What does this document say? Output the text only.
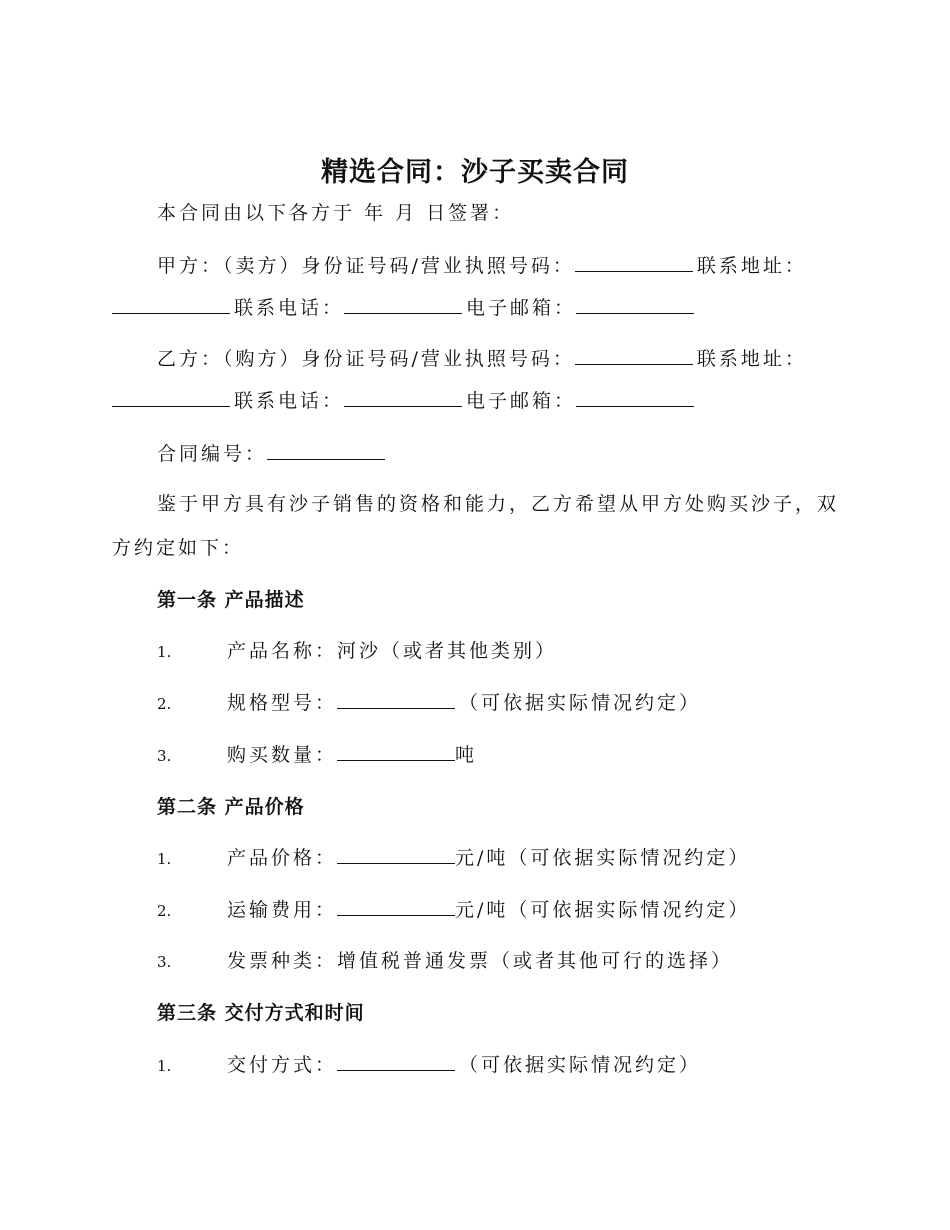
精选合同：沙子买卖合同
本合同由以下各方于 年 月 日签署：
甲方：（卖方）身份证号码/营业执照号码：	联系地址：
联系电话：	电子邮箱：
乙方：（购方）身份证号码/营业执照号码：	联系地址：
联系电话：	电子邮箱：
合同编号：
鉴于甲方具有沙子销售的资格和能力，乙方希望从甲方处购买沙子，双
方约定如下：
第一条 产品描述
1.	产品名称：河沙（或者其他类别）
2.	规格型号：	（可依据实际情况约定）
3.	购买数量：	吨
第二条 产品价格
1.	产品价格：	元/吨（可依据实际情况约定）
2.	运输费用：	元/吨（可依据实际情况约定）
3.	发票种类：增值税普通发票（或者其他可行的选择）
第三条 交付方式和时间
1.	交付方式：	（可依据实际情况约定）
